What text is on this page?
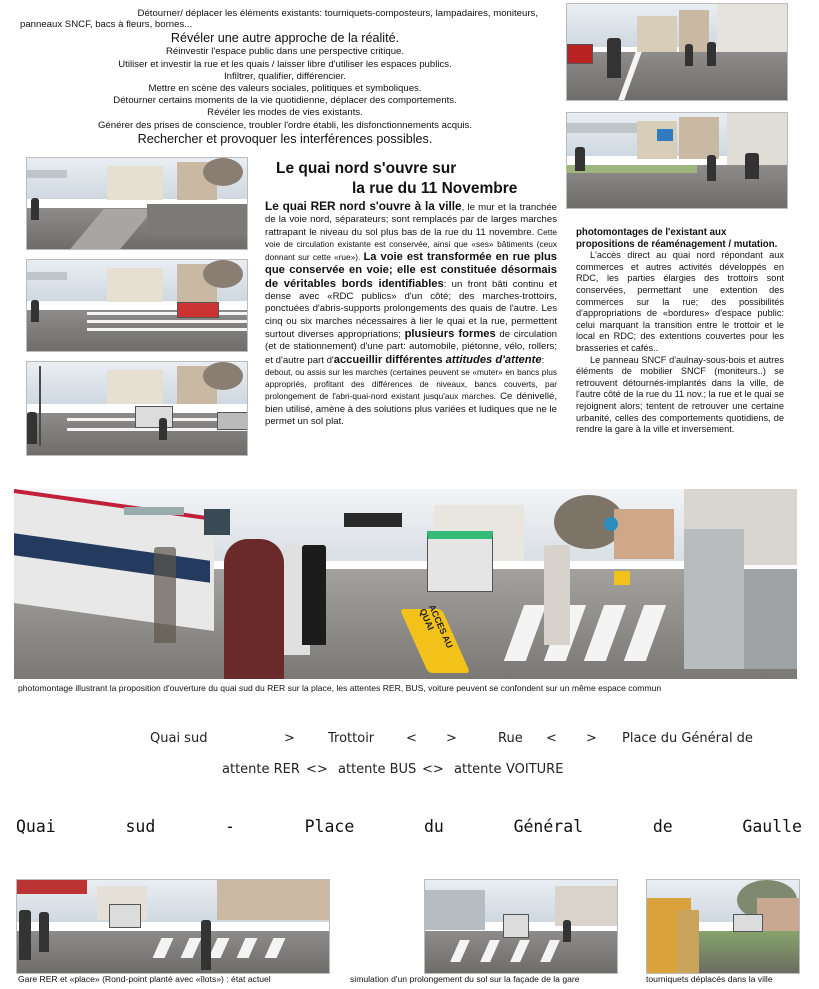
Détourner/ déplacer les éléments existants: tourniquets-composteurs, lampadaires, moniteurs,
panneaux SNCF, bacs à fleurs, bornes...
Révéler une autre approche de la réalité.
Réinvestir l'espace public dans une perspective critique.
Utiliser et investir la rue et les quais / laisser libre d'utiliser les espaces publics.
Infiltrer, qualifier, différencier.
Mettre en scène des valeurs sociales, politiques et symboliques.
Détourner certains moments de la vie quotidienne, déplacer des comportements.
Révéler les modes de vies existants.
Générer des prises de conscience, troubler l'ordre établi, les disfonctionnements acquis.
Rechercher et provoquer les interférences possibles.
Le quai nord s'ouvre sur
la rue du 11 Novembre
Le quai RER nord s'ouvre à la ville, le mur et la tranchée de la voie nord, séparateurs; sont remplacés par de larges marches rattrapant le niveau du sol plus bas de la rue du 11 novembre. Cette voie de circulation existante est conservée, ainsi que «ses» bâtiments (ceux donnant sur cette «rue»). La voie est transformée en rue plus que conservée en voie; elle est constituée désormais de véritables bords identifiables: un front bâti continu et dense avec «RDC publics» d'un côté; des marches-trottoirs, ponctuées d'abris-supports prolongements des quais de l'autre. Les cinq ou six marches nécessaires à lier le quai et la rue, permettent surtout diverses appropriations; plusieurs formes de circulation (et de stationnement) d'une part: automobile, piétonne, vélo, rollers; et d'autre part d'accueillir différentes attitudes d'attente:
debout, ou assis sur les marches (certaines peuvent se «muter» en bancs plus appropriés, profitant des différences de niveaux, bancs couverts, par prolongement de l'abri-quai-nord existant jusqu'aux marches. Ce dénivellé, bien utilisé, amène à des solutions plus variées et ludiques que ne le permet un sol plat.
photomontages de l'existant aux propositions de réaménagement / mutation.

L'accès direct au quai nord répondant aux commerces et autres activités développés en RDC, les parties élargies des trottoirs sont conservées, permettant une extention des commerces sur la rue; des possibilités d'appropriations de «bordures» d'espace public: celui marquant la transition entre le trottoir et le local en RDC; des extentions couvertes pour les brasseries et cafés..

Le panneau SNCF d'aulnay-sous-bois et autres éléments de mobilier SNCF (moniteurs..) se retrouvent détournés-implantés dans la ville, de l'autre côté de la rue du 11 nov.; la rue et le quai se rejoignent alors; tentent de retrouver une certaine urbanité, celles des comportements quotidiens, de rendre la gare à la ville et inversement.

ACCES AU QUAI
photomontage illustrant la proposition d'ouverture du quai sud du RER sur la place, les attentes RER, BUS, voiture peuvent se confondent sur un même espace commun
Quai sud	>	Trottoir < >	Rue < > Place du Général de
attente RER <> attente BUS <> attente VOITURE
Quai	sud	-	Place	du	Général	de	Gaulle
Gare RER et «place» (Rond-point planté avec «îlots») : état actuel	simulation d'un prolongement du sol sur la façade de la gare	tourniquets déplacés dans la ville
